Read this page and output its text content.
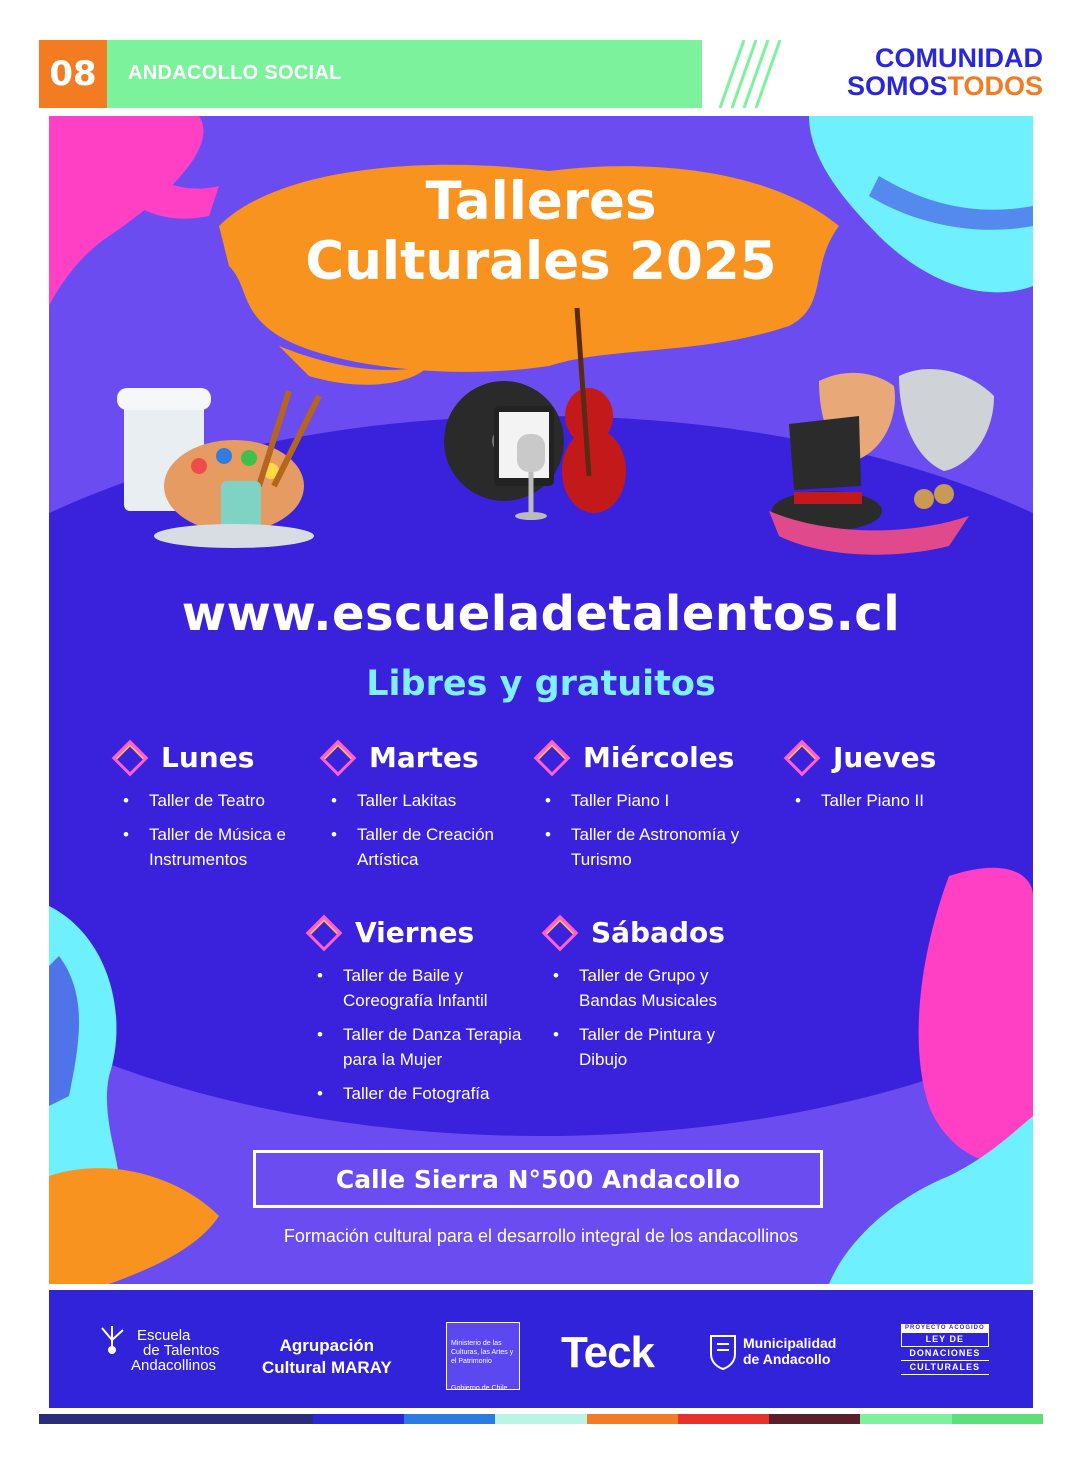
08	ANDACOLLO SOCIAL	COMUNIDAD
SOMOSTODOS
Talleres
Culturales 2025
www.escueladetalentos.cl
Libres y gratuitos
Lunes
• Taller de Teatro
• Taller de Música e Instrumentos
Martes
• Taller Lakitas
• Taller de Creación Artística
Miércoles
• Taller Piano I
• Taller de Astronomía y Turismo
Jueves
• Taller Piano II
Viernes
• Taller de Baile y Coreografía Infantil
• Taller de Danza Terapia para la Mujer
• Taller de Fotografía
Sábados
• Taller de Grupo y Bandas Musicales
• Taller de Pintura y Dibujo
Calle Sierra N°500 Andacollo
Formación cultural para el desarrollo integral de los andacollinos
Escuela
de Talentos
Andacollinos
Agrupación
Cultural MARAY
Ministerio de las Culturas, las Artes y el Patrimonio
Gobierno de Chile
Teck	Municipalidad
de Andacollo
PROYECTO ACOGIDO
LEY DE
DONACIONES
CULTURALES
